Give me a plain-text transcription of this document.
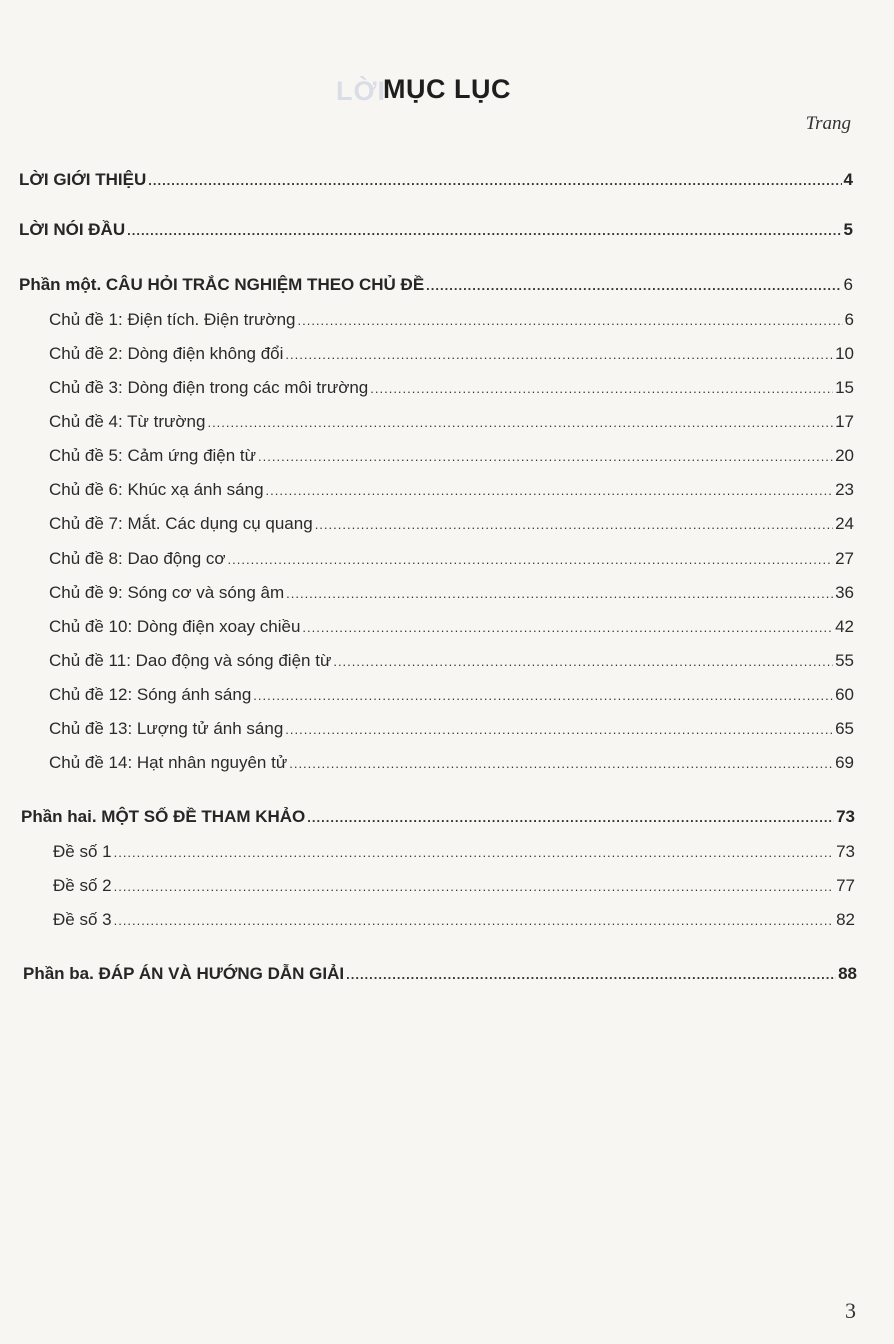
LỜI
MỤC LỤC
Trang
LỜI GIỚI THIỆU .....	4
LỜI NÓI ĐẦU .....	5
Phần một. CÂU HỎI TRẮC NGHIỆM THEO CHỦ ĐỀ .....	6
Chủ đề 1: Điện tích. Điện trường .....	6
Chủ đề 2: Dòng điện không đổi .....	10
Chủ đề 3: Dòng điện trong các môi trường .....	15
Chủ đề 4: Từ trường .....	17
Chủ đề 5: Cảm ứng điện từ .....	20
Chủ đề 6: Khúc xạ ánh sáng .....	23
Chủ đề 7: Mắt. Các dụng cụ quang .....	24
Chủ đề 8: Dao động cơ .....	27
Chủ đề 9: Sóng cơ và sóng âm .....	36
Chủ đề 10: Dòng điện xoay chiều .....	42
Chủ đề 11: Dao động và sóng điện từ .....	55
Chủ đề 12: Sóng ánh sáng .....	60
Chủ đề 13: Lượng tử ánh sáng .....	65
Chủ đề 14: Hạt nhân nguyên tử .....	69
Phần hai. MỘT SỐ ĐỀ THAM KHẢO .....	73
Đề số 1 .....	73
Đề số 2 .....	77
Đề số 3 .....	82
Phần ba. ĐÁP ÁN VÀ HƯỚNG DẪN GIẢI .....	88
3
